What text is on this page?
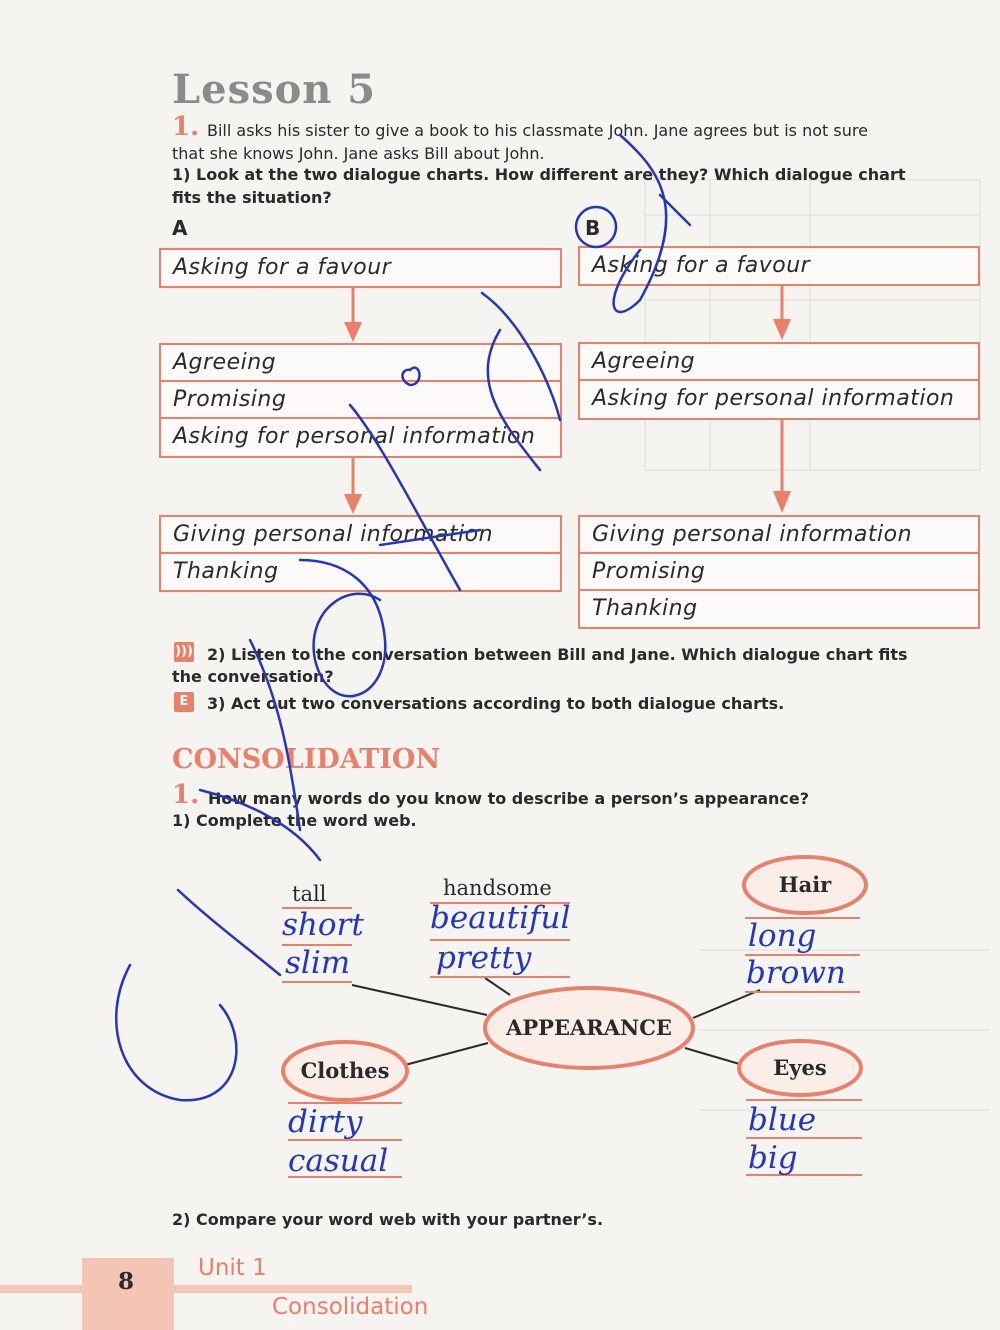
Lesson 5
1. Bill asks his sister to give a book to his classmate John. Jane agrees but is not sure
that she knows John. Jane asks Bill about John.
1) Look at the two dialogue charts. How different are they? Which dialogue chart
fits the situation?
A
Asking for a favour
Agreeing
Promising
Asking for personal information
Giving personal information
Thanking
B
Asking for a favour
Agreeing
Asking for personal information
Giving personal information
Promising
Thanking
))) 2) Listen to the conversation between Bill and Jane. Which dialogue chart fits
the conversation?
E	3) Act out two conversations according to both dialogue charts.
CONSOLIDATION
1. How many words do you know to describe a person’s appearance?
1) Complete the word web.
tall	handsome
APPEARANCE
Hair
Clothes	Eyes
short
slim
beautiful
pretty
long
brown
dirty
casual
blue
big
2) Compare your word web with your partner’s.
8	Unit 1
Consolidation
